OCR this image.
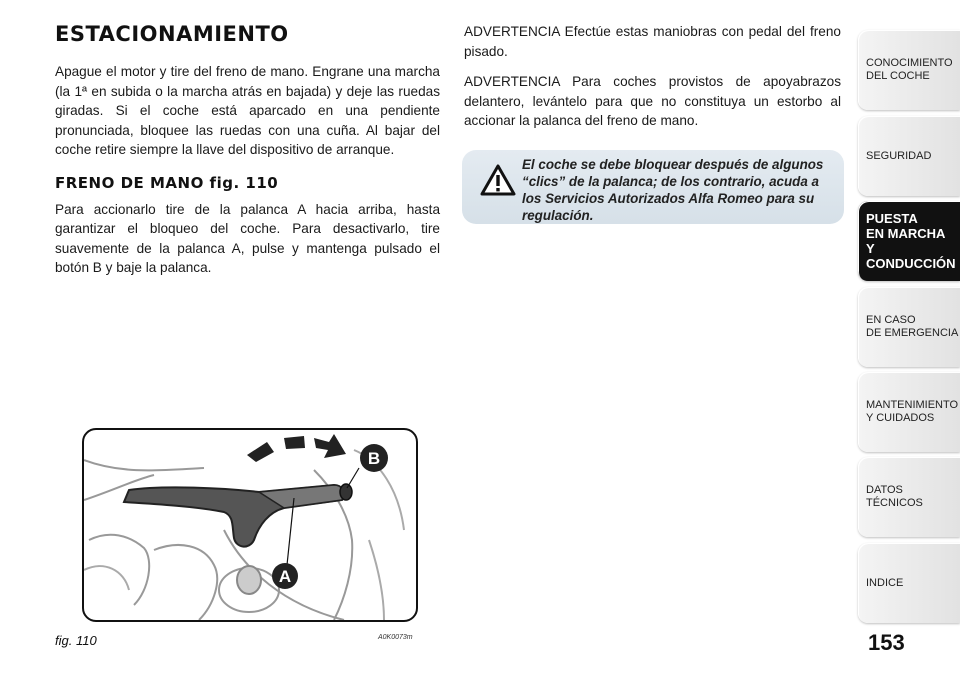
ESTACIONAMIENTO

Apague el motor y tire del freno de mano. Engrane una marcha (la 1ª en subida o la marcha atrás en bajada) y deje las ruedas giradas. Si el coche está aparcado en una pendiente pronunciada, bloquee las ruedas con una cuña. Al bajar del coche retire siempre la llave del dispositivo de arranque.

FRENO DE MANO fig. 110

Para accionarlo tire de la palanca A hacia arriba, hasta garantizar el bloqueo del coche. Para desactivarlo, tire suavemente de la palanca A, pulse y mantenga pulsado el botón B y baje la palanca.

ADVERTENCIA Efectúe estas maniobras con pedal del freno pisado.

ADVERTENCIA Para coches provistos de apoyabrazos delantero, levántelo para que no constituya un estorbo al accionar la palanca del freno de mano.

El coche se debe bloquear después de algunos “clics” de la palanca; de los contrario, acuda a los Servicios Autorizados Alfa Romeo para su regulación.
A
B
fig. 110	A0K0073m	153
CONOCIMIENTO
DEL COCHE
SEGURIDAD
PUESTA
EN MARCHA
Y CONDUCCIÓN
EN CASO
DE EMERGENCIA
MANTENIMIENTO
Y CUIDADOS
DATOS TÉCNICOS
INDICE
